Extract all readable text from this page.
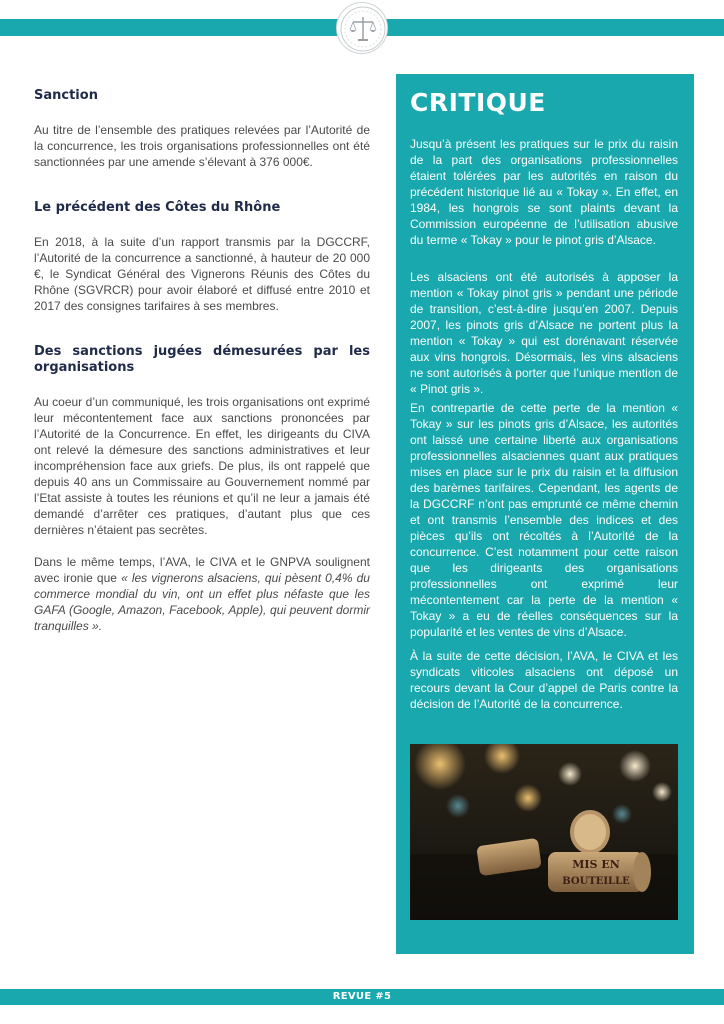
Sanction
Au titre de l’ensemble des pratiques relevées par l’Autorité de la concurrence, les trois organisations professionnelles ont été sanctionnées par une amende s’élevant à 376 000€.
Le précédent des Côtes du Rhône
En 2018, à la suite d’un rapport transmis par la DGCCRF, l’Autorité de la concurrence a sanctionné, à hauteur de 20 000 €, le Syndicat Général des Vignerons Réunis des Côtes du Rhône (SGVRCR) pour avoir élaboré et diffusé entre 2010 et 2017 des consignes tarifaires à ses membres.
Des sanctions jugées démesurées par les organisations
Au coeur d’un communiqué, les trois organisations ont exprimé leur mécontentement face aux sanctions prononcées par l’Autorité de la Concurrence. En effet, les dirigeants du CIVA ont relevé la démesure des sanctions administratives et leur incompréhension face aux griefs. De plus, ils ont rappelé que depuis 40 ans un Commissaire au Gouvernement nommé par l’Etat assiste à toutes les réunions et qu’il ne leur a jamais été demandé d’arrêter ces pratiques, d’autant plus que ces dernières n’étaient pas secrètes.
Dans le même temps, l’AVA, le CIVA et le GNPVA soulignent avec ironie que « les vignerons alsaciens, qui pèsent 0,4% du commerce mondial du vin, ont un effet plus néfaste que les GAFA (Google, Amazon, Facebook, Apple), qui peuvent dormir tranquilles ».
CRITIQUE
Jusqu’à présent les pratiques sur le prix du raisin de la part des organisations professionnelles étaient tolérées par les autorités en raison du précédent historique lié au « Tokay ». En effet, en 1984, les hongrois se sont plaints devant la Commission européenne de l’utilisation abusive du terme « Tokay » pour le pinot gris d’Alsace.
Les alsaciens ont été autorisés à apposer la mention « Tokay pinot gris » pendant une période de transition, c’est-à-dire jusqu’en 2007. Depuis 2007, les pinots gris d’Alsace ne portent plus la mention « Tokay » qui est dorénavant réservée aux vins hongrois. Désormais, les vins alsaciens ne sont autorisés à porter que l’unique mention de « Pinot gris ».
En contrepartie de cette perte de la mention « Tokay » sur les pinots gris d’Alsace, les autorités ont laissé une certaine liberté aux organisations professionnelles alsaciennes quant aux pratiques mises en place sur le prix du raisin et la diffusion des barèmes tarifaires. Cependant, les agents de la DGCCRF n’ont pas emprunté ce même chemin et ont transmis l’ensemble des indices et des pièces qu’ils ont récoltés à l’Autorité de la concurrence. C’est notamment pour cette raison que les dirigeants des organisations professionnelles ont exprimé leur mécontentement car la perte de la mention « Tokay » a eu de réelles conséquences sur la popularité et les ventes de vins d’Alsace.
À la suite de cette décision, l’AVA, le CIVA et les syndicats viticoles alsaciens ont déposé un recours devant la Cour d’appel de Paris contre la décision de l’Autorité de la concurrence.
MIS EN
BOUTEILLE
REVUE #5
